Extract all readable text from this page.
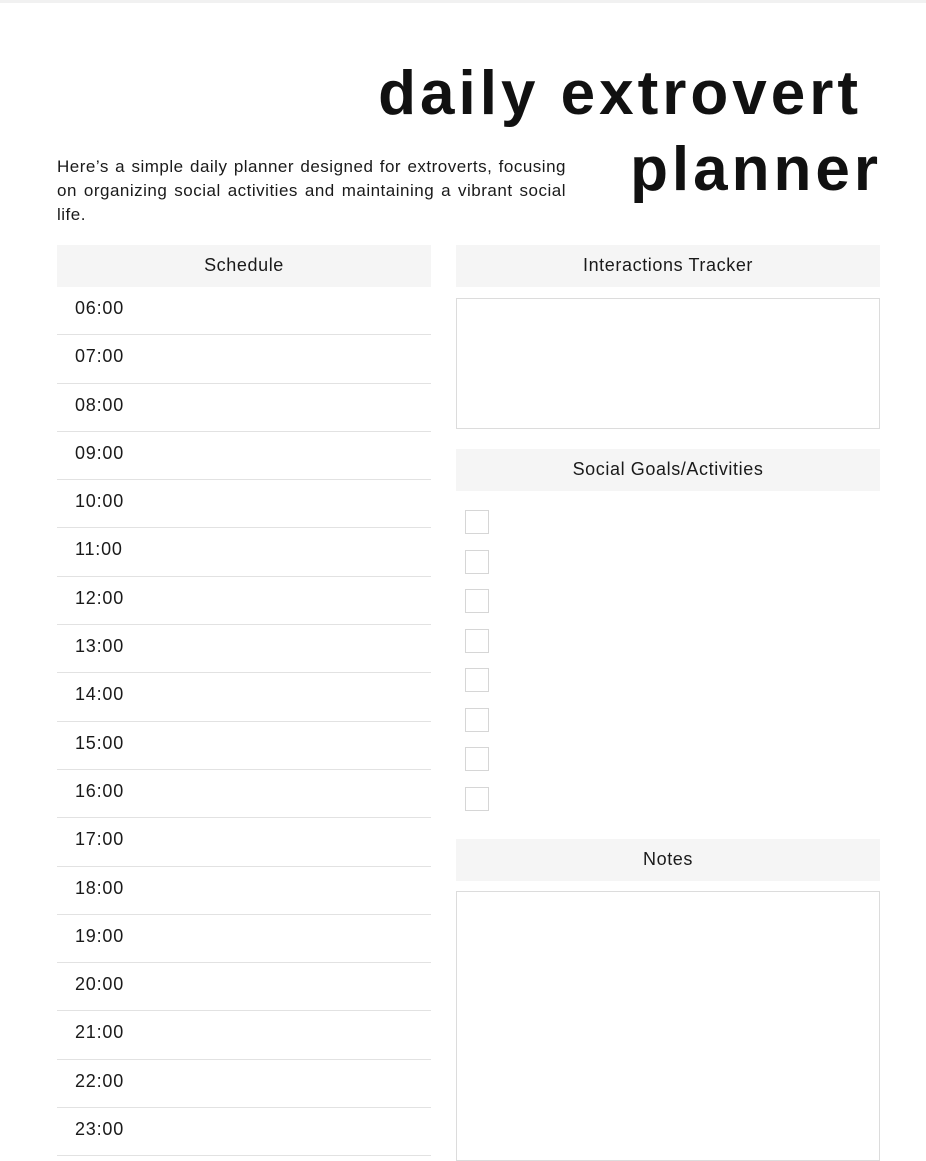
daily extrovert
planner
Here’s a simple daily planner designed for extroverts, focusing on organizing social activities and maintaining a vibrant social life.
Schedule
06:00
07:00
08:00
09:00
10:00
11:00
12:00
13:00
14:00
15:00
16:00
17:00
18:00
19:00
20:00
21:00
22:00
23:00
Interactions Tracker
Social Goals/Activities
Notes
